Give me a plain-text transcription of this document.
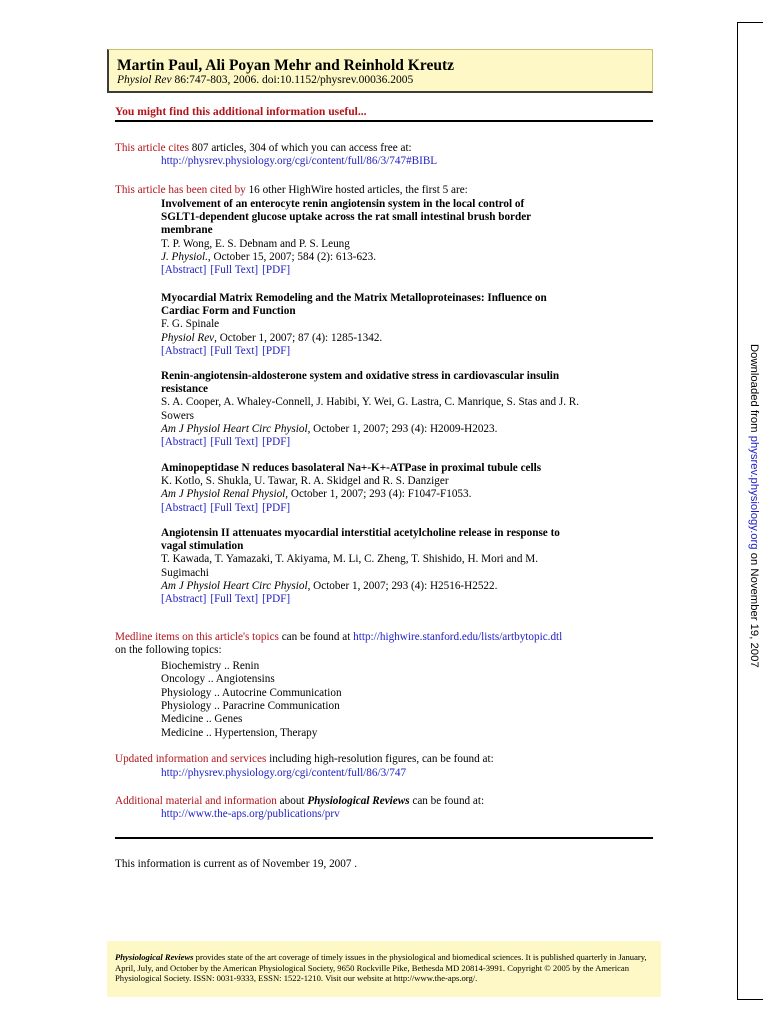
Martin Paul, Ali Poyan Mehr and Reinhold Kreutz
Physiol Rev 86:747-803, 2006. doi:10.1152/physrev.00036.2005
You might find this additional information useful...
This article cites 807 articles, 304 of which you can access free at:
http://physrev.physiology.org/cgi/content/full/86/3/747#BIBL
This article has been cited by 16 other HighWire hosted articles, the first 5 are:
Involvement of an enterocyte renin angiotensin system in the local control of
SGLT1-dependent glucose uptake across the rat small intestinal brush border
membrane
T. P. Wong, E. S. Debnam and P. S. Leung
J. Physiol., October 15, 2007; 584 (2): 613-623.
[Abstract] [Full Text] [PDF]
Myocardial Matrix Remodeling and the Matrix Metalloproteinases: Influence on
Cardiac Form and Function
F. G. Spinale
Physiol Rev, October 1, 2007; 87 (4): 1285-1342.
[Abstract] [Full Text] [PDF]
Renin-angiotensin-aldosterone system and oxidative stress in cardiovascular insulin
resistance
S. A. Cooper, A. Whaley-Connell, J. Habibi, Y. Wei, G. Lastra, C. Manrique, S. Stas and J. R.
Sowers
Am J Physiol Heart Circ Physiol, October 1, 2007; 293 (4): H2009-H2023.
[Abstract] [Full Text] [PDF]
Aminopeptidase N reduces basolateral Na+-K+-ATPase in proximal tubule cells
K. Kotlo, S. Shukla, U. Tawar, R. A. Skidgel and R. S. Danziger
Am J Physiol Renal Physiol, October 1, 2007; 293 (4): F1047-F1053.
[Abstract] [Full Text] [PDF]
Angiotensin II attenuates myocardial interstitial acetylcholine release in response to
vagal stimulation
T. Kawada, T. Yamazaki, T. Akiyama, M. Li, C. Zheng, T. Shishido, H. Mori and M.
Sugimachi
Am J Physiol Heart Circ Physiol, October 1, 2007; 293 (4): H2516-H2522.
[Abstract] [Full Text] [PDF]
Medline items on this article's topics can be found at http://highwire.stanford.edu/lists/artbytopic.dtl
on the following topics:
Biochemistry .. Renin
Oncology .. Angiotensins
Physiology .. Autocrine Communication
Physiology .. Paracrine Communication
Medicine .. Genes
Medicine .. Hypertension, Therapy
Updated information and services including high-resolution figures, can be found at:
http://physrev.physiology.org/cgi/content/full/86/3/747
Additional material and information about Physiological Reviews can be found at:
http://www.the-aps.org/publications/prv
This information is current as of November 19, 2007 .
Physiological Reviews provides state of the art coverage of timely issues in the physiological and biomedical sciences. It is published quarterly in January, April, July, and October by the American Physiological Society, 9650 Rockville Pike, Bethesda MD 20814-3991. Copyright © 2005 by the American Physiological Society. ISSN: 0031-9333, ESSN: 1522-1210. Visit our website at http://www.the-aps.org/.
Downloaded from physrev.physiology.org on November 19, 2007
